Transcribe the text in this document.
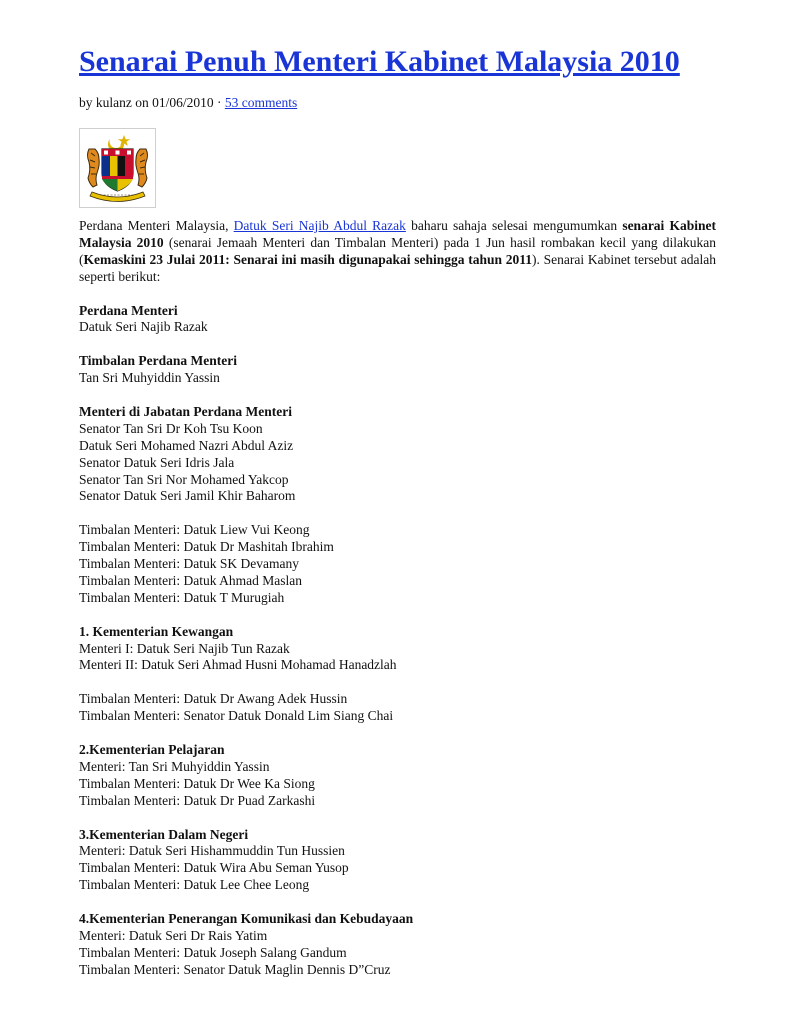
Senarai Penuh Menteri Kabinet Malaysia 2010
by kulanz on 01/06/2010 · 53 comments

Perdana Menteri Malaysia, Datuk Seri Najib Abdul Razak baharu sahaja selesai mengumumkan senarai Kabinet Malaysia 2010 (senarai Jemaah Menteri dan Timbalan Menteri) pada 1 Jun hasil rombakan kecil yang dilakukan (Kemaskini 23 Julai 2011: Senarai ini masih digunapakai sehingga tahun 2011). Senarai Kabinet tersebut adalah seperti berikut:

Perdana Menteri
Datuk Seri Najib Razak
Timbalan Perdana Menteri
Tan Sri Muhyiddin Yassin
Menteri di Jabatan Perdana Menteri
Senator Tan Sri Dr Koh Tsu Koon
Datuk Seri Mohamed Nazri Abdul Aziz
Senator Datuk Seri Idris Jala
Senator Tan Sri Nor Mohamed Yakcop
Senator Datuk Seri Jamil Khir Baharom
Timbalan Menteri: Datuk Liew Vui Keong
Timbalan Menteri: Datuk Dr Mashitah Ibrahim
Timbalan Menteri: Datuk SK Devamany
Timbalan Menteri: Datuk Ahmad Maslan
Timbalan Menteri: Datuk T Murugiah
1. Kementerian Kewangan
Menteri I: Datuk Seri Najib Tun Razak
Menteri II: Datuk Seri Ahmad Husni Mohamad Hanadzlah
Timbalan Menteri: Datuk Dr Awang Adek Hussin
Timbalan Menteri: Senator Datuk Donald Lim Siang Chai
2.Kementerian Pelajaran
Menteri: Tan Sri Muhyiddin Yassin
Timbalan Menteri: Datuk Dr Wee Ka Siong
Timbalan Menteri: Datuk Dr Puad Zarkashi
3.Kementerian Dalam Negeri
Menteri: Datuk Seri Hishammuddin Tun Hussien
Timbalan Menteri: Datuk Wira Abu Seman Yusop
Timbalan Menteri: Datuk Lee Chee Leong
4.Kementerian Penerangan Komunikasi dan Kebudayaan
Menteri: Datuk Seri Dr Rais Yatim
Timbalan Menteri: Datuk Joseph Salang Gandum
Timbalan Menteri: Senator Datuk Maglin Dennis D”Cruz
